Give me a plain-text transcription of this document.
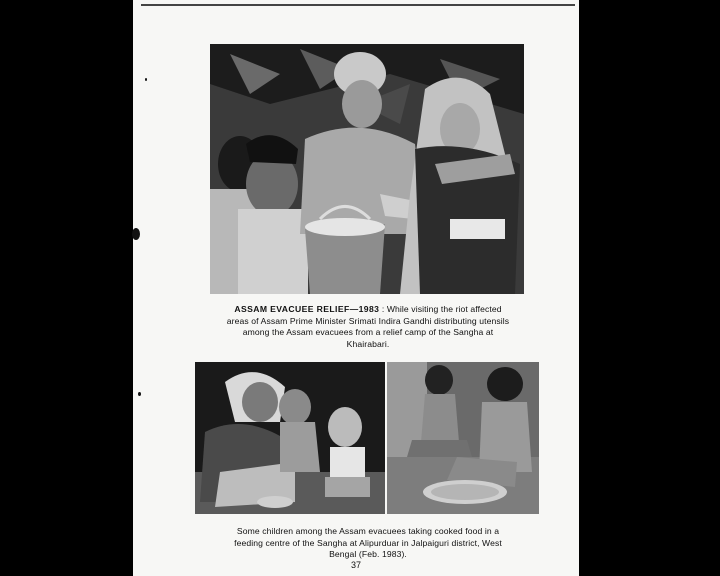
ASSAM EVACUEE RELIEF—1983 : While visiting the riot affected
areas of Assam Prime Minister Srimati Indira Gandhi distributing utensils
among the Assam evacuees from a relief camp of the Sangha at
Khairabari.
Some children among the Assam evacuees taking cooked food in a
feeding centre of the Sangha at Alipurduar in Jalpaiguri district, West
Bengal (Feb. 1983).
37
